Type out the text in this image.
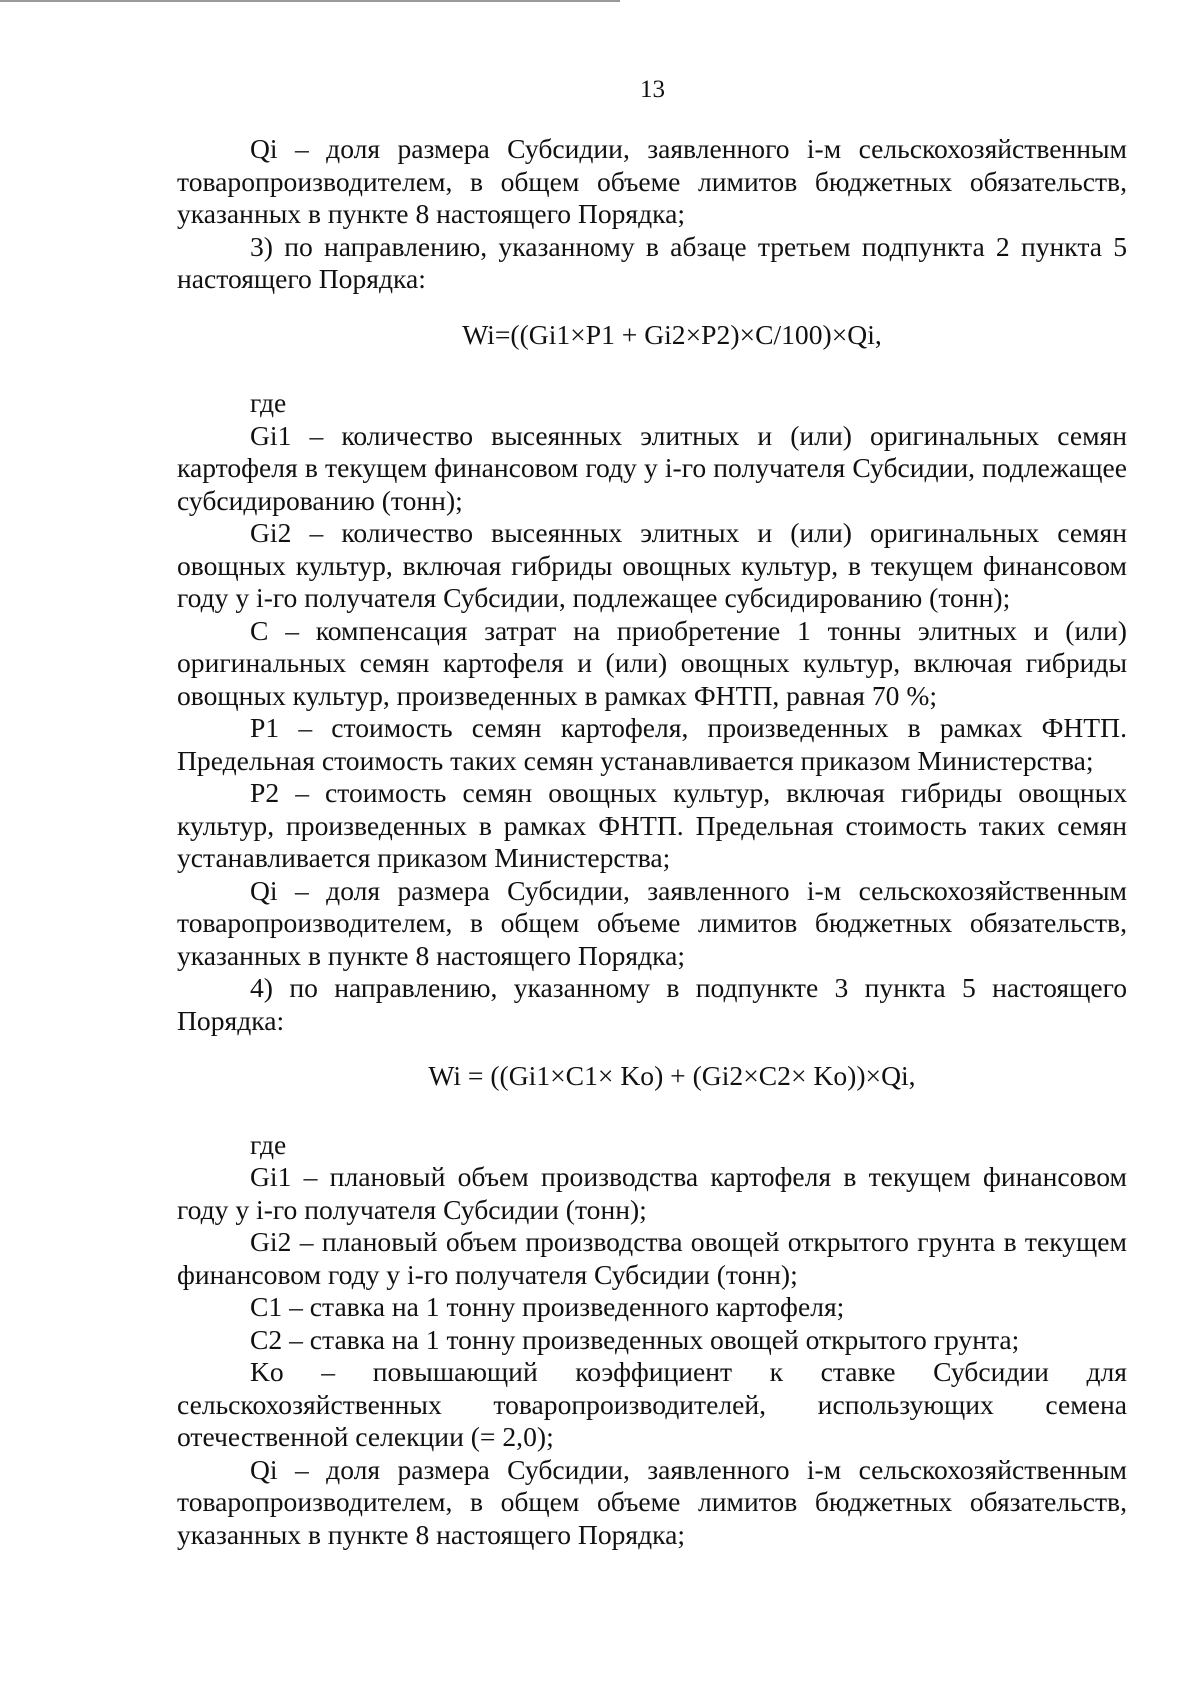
13

Qi – доля размера Субсидии, заявленного i-м сельскохозяйственным товаропроизводителем, в общем объеме лимитов бюджетных обязательств, указанных в пункте 8 настоящего Порядка;

3) по направлению, указанному в абзаце третьем подпункта 2 пункта 5 настоящего Порядка:

Wi=((Gi1×P1 + Gi2×P2)×C/100)×Qi,

где

Gi1 – количество высеянных элитных и (или) оригинальных семян картофеля в текущем финансовом году у i-го получателя Субсидии, подлежащее субсидированию (тонн);

Gi2 – количество высеянных элитных и (или) оригинальных семян овощных культур, включая гибриды овощных культур, в текущем финансовом году у i-го получателя Субсидии, подлежащее субсидированию (тонн);

С – компенсация затрат на приобретение 1 тонны элитных и (или) оригинальных семян картофеля и (или) овощных культур, включая гибриды овощных культур, произведенных в рамках ФНТП, равная 70 %;

P1 – стоимость семян картофеля, произведенных в рамках ФНТП. Предельная стоимость таких семян устанавливается приказом Министерства;

P2 – стоимость семян овощных культур, включая гибриды овощных культур, произведенных в рамках ФНТП. Предельная стоимость таких семян устанавливается приказом Министерства;

Qi – доля размера Субсидии, заявленного i-м сельскохозяйственным товаропроизводителем, в общем объеме лимитов бюджетных обязательств, указанных в пункте 8 настоящего Порядка;

4) по направлению, указанному в подпункте 3 пункта 5 настоящего Порядка:

Wi = ((Gi1×C1× Ko) + (Gi2×C2× Ko))×Qi,

где

Gi1 – плановый объем производства картофеля в текущем финансовом году у i-го получателя Субсидии (тонн);

Gi2 – плановый объем производства овощей открытого грунта в текущем финансовом году у i-го получателя Субсидии (тонн);

C1 – ставка на 1 тонну произведенного картофеля;

C2 – ставка на 1 тонну произведенных овощей открытого грунта;

Ko – повышающий коэффициент к ставке Субсидии для сельскохозяйственных товаропроизводителей, использующих семена отечественной селекции (= 2,0);

Qi – доля размера Субсидии, заявленного i-м сельскохозяйственным товаропроизводителем, в общем объеме лимитов бюджетных обязательств, указанных в пункте 8 настоящего Порядка;
